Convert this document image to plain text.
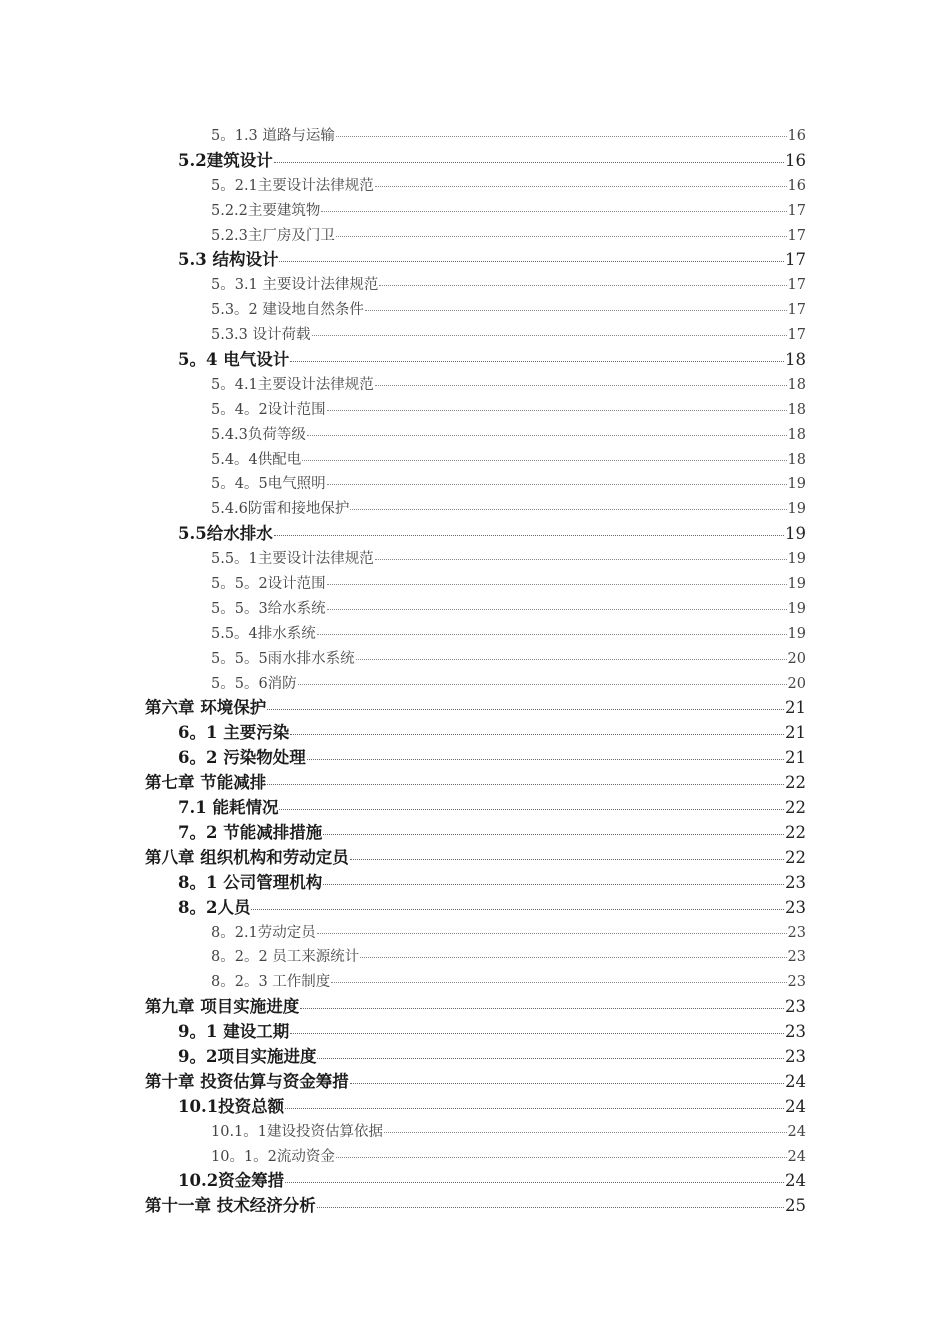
5。1.3 道路与运输	16
5.2建筑设计	16
5。2.1主要设计法律规范	16
5.2.2主要建筑物	17
5.2.3主厂房及门卫	17
5.3 结构设计	17
5。3.1 主要设计法律规范	17
5.3。2 建设地自然条件	17
5.3.3 设计荷载	17
5。4 电气设计	18
5。4.1主要设计法律规范	18
5。4。2设计范围	18
5.4.3负荷等级	18
5.4。4供配电	18
5。4。5电气照明	19
5.4.6防雷和接地保护	19
5.5给水排水	19
5.5。1主要设计法律规范	19
5。5。2设计范围	19
5。5。3给水系统	19
5.5。4排水系统	19
5。5。5雨水排水系统	20
5。5。6消防	20
第六章 环境保护	21
6。1 主要污染	21
6。2 污染物处理	21
第七章 节能减排	22
7.1 能耗情况	22
7。2 节能减排措施	22
第八章 组织机构和劳动定员	22
8。1 公司管理机构	23
8。2人员	23
8。2.1劳动定员	23
8。2。2 员工来源统计	23
8。2。3 工作制度	23
第九章 项目实施进度	23
9。1 建设工期	23
9。2项目实施进度	23
第十章 投资估算与资金筹措	24
10.1投资总额	24
10.1。1建设投资估算依据	24
10。1。2流动资金	24
10.2资金筹措	24
第十一章 技术经济分析	25
